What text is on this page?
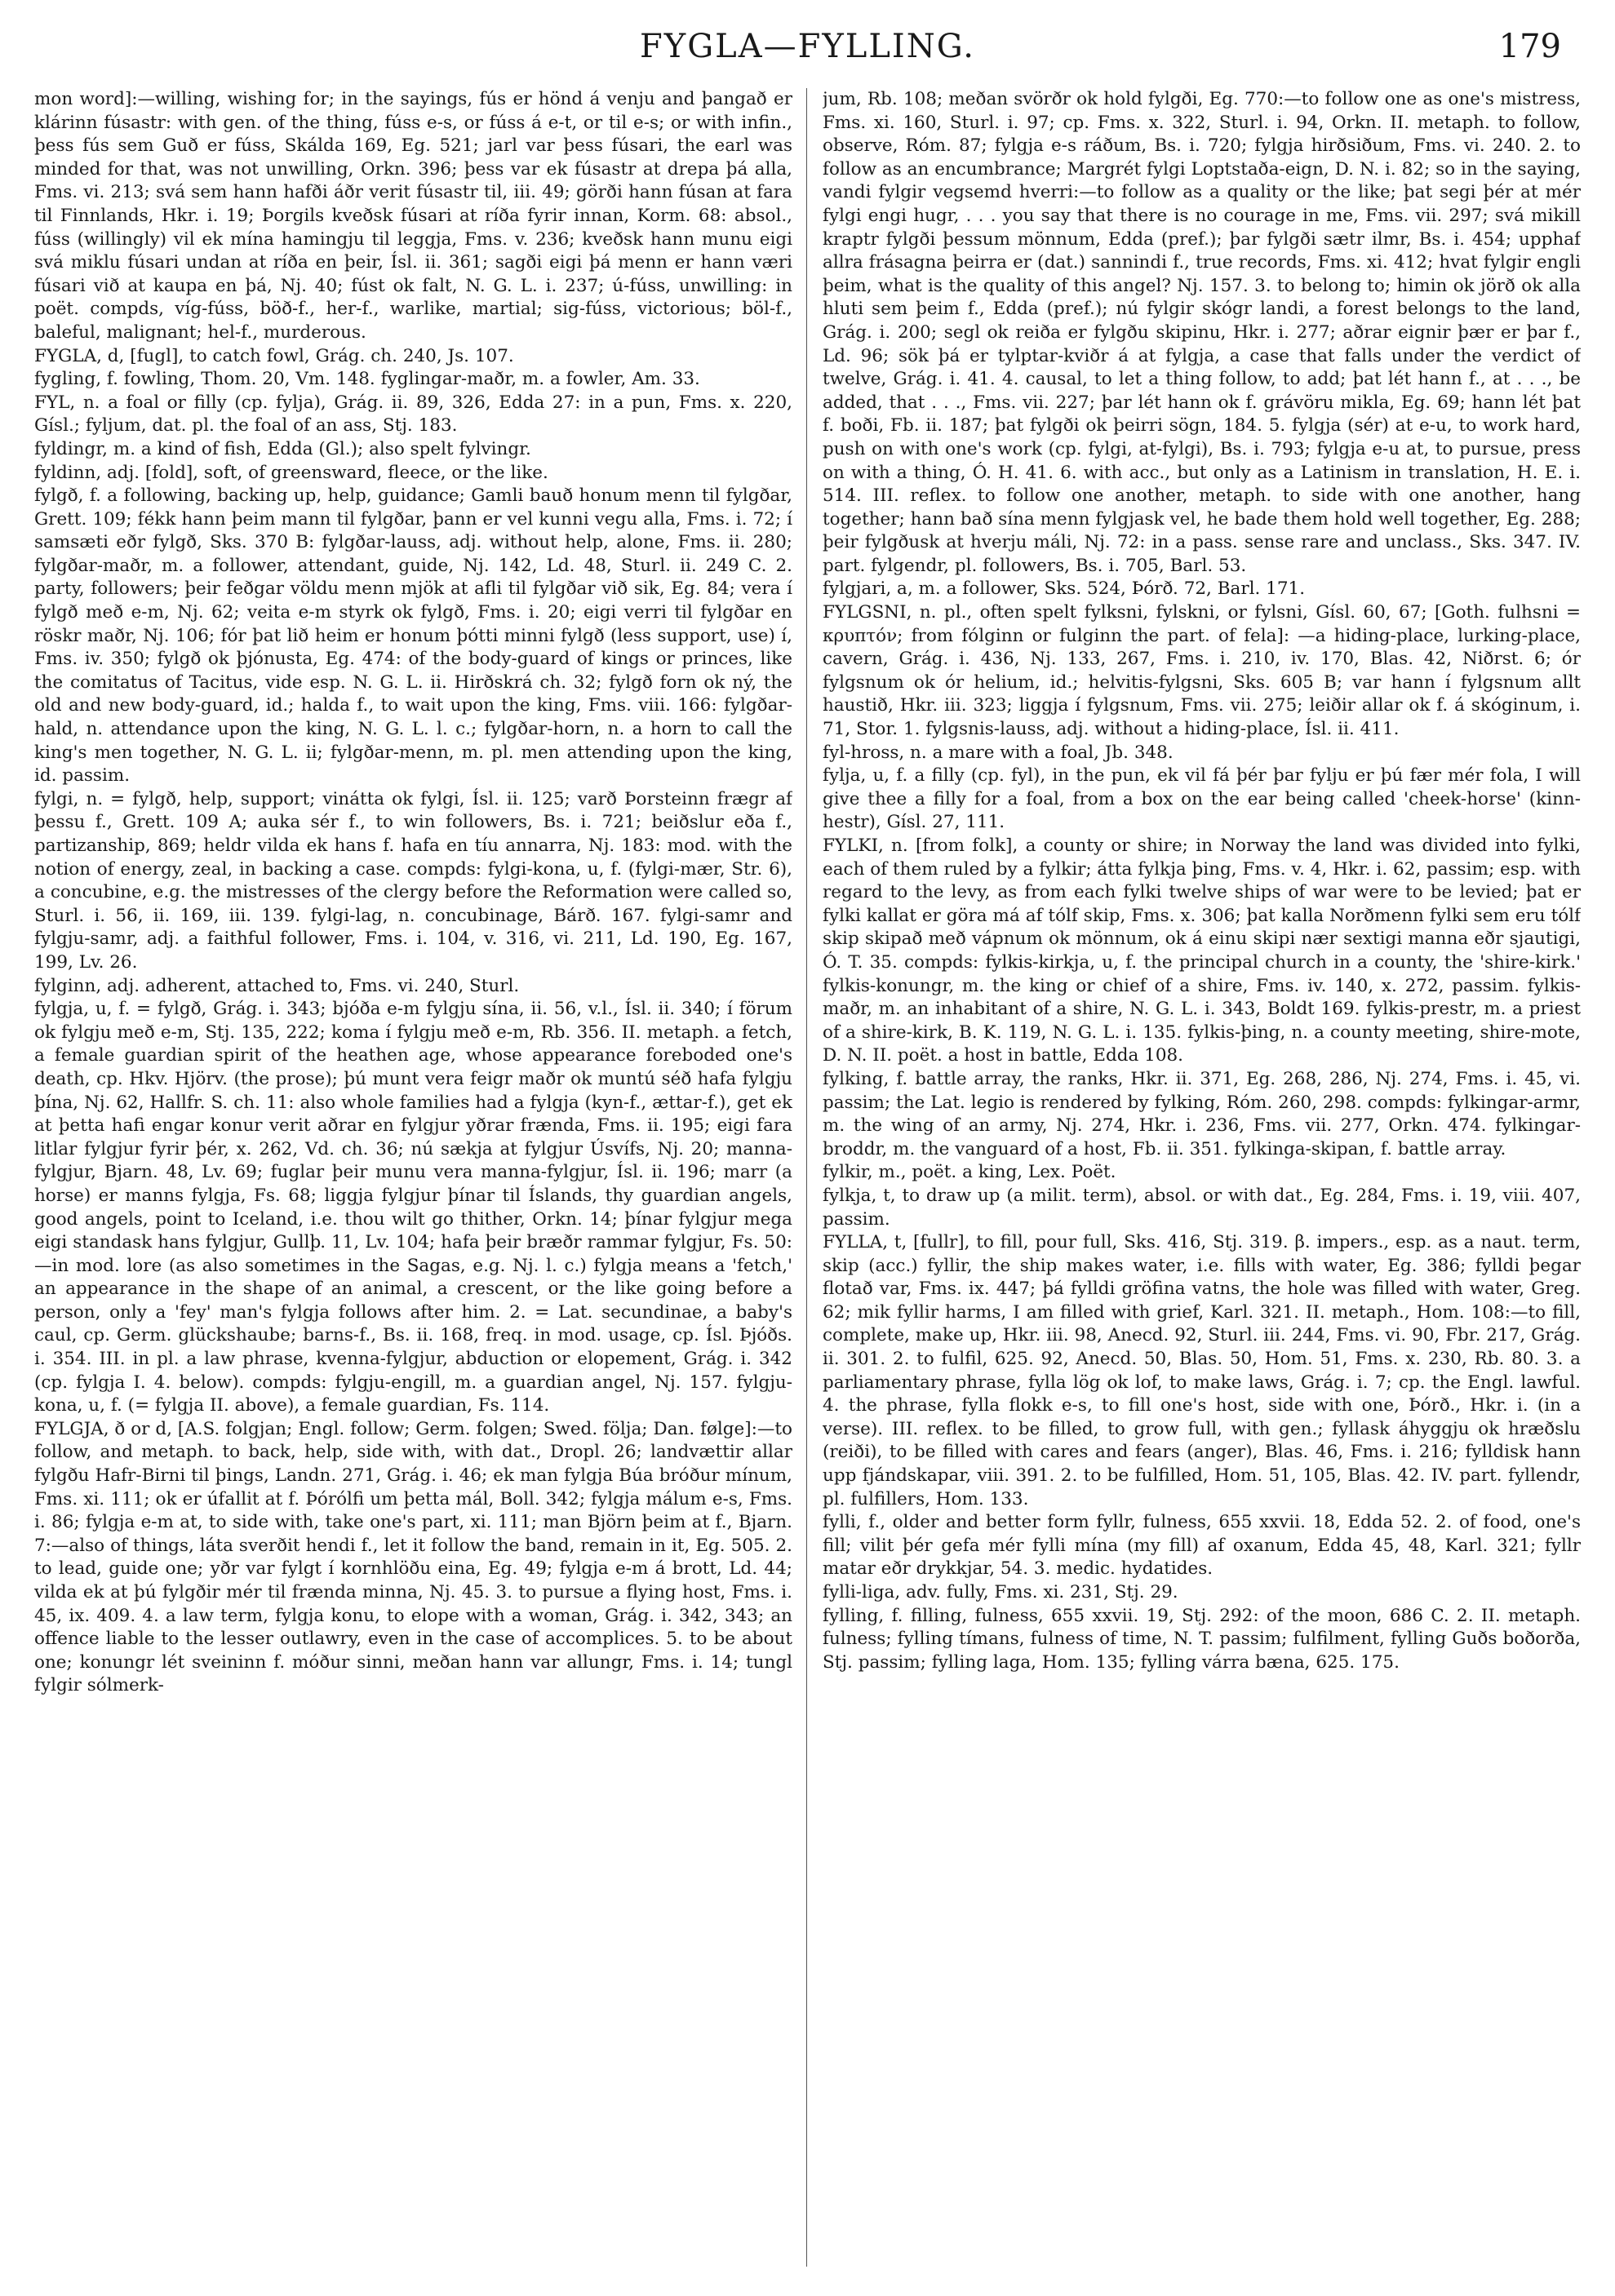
FYGLA—FYLLING.	179

mon word]:—willing, wishing for; in the sayings, fús er hönd á venju and þangað er klárinn fúsastr: with gen. of the thing, fúss e-s, or fúss á e-t, or til e-s; or with infin., þess fús sem Guð er fúss, Skálda 169, Eg. 521; jarl var þess fúsari, the earl was minded for that, was not unwilling, Orkn. 396; þess var ek fúsastr at drepa þá alla, Fms. vi. 213; svá sem hann hafði áðr verit fúsastr til, iii. 49; görði hann fúsan at fara til Finnlands, Hkr. i. 19; Þorgils kveðsk fúsari at ríða fyrir innan, Korm. 68: absol., fúss (willingly) vil ek mína hamingju til leggja, Fms. v. 236; kveðsk hann munu eigi svá miklu fúsari undan at ríða en þeir, Ísl. ii. 361; sagði eigi þá menn er hann væri fúsari við at kaupa en þá, Nj. 40; fúst ok falt, N. G. L. i. 237; ú-fúss, unwilling: in poët. compds, víg-fúss, böð-f., her-f., warlike, martial; sig-fúss, victorious; böl-f., baleful, malignant; hel-f., murderous.

FYGLA, d, [fugl], to catch fowl, Grág. ch. 240, Js. 107.

fygling, f. fowling, Thom. 20, Vm. 148. fyglingar-maðr, m. a fowler, Am. 33.

FYL, n. a foal or filly (cp. fylja), Grág. ii. 89, 326, Edda 27: in a pun, Fms. x. 220, Gísl.; fyljum, dat. pl. the foal of an ass, Stj. 183.

fyldingr, m. a kind of fish, Edda (Gl.); also spelt fylvingr.

fyldinn, adj. [fold], soft, of greensward, fleece, or the like.

fylgð, f. a following, backing up, help, guidance; Gamli bauð honum menn til fylgðar, Grett. 109; fékk hann þeim mann til fylgðar, þann er vel kunni vegu alla, Fms. i. 72; í samsæti eðr fylgð, Sks. 370 B: fylgðar-lauss, adj. without help, alone, Fms. ii. 280; fylgðar-maðr, m. a follower, attendant, guide, Nj. 142, Ld. 48, Sturl. ii. 249 C. 2. party, followers; þeir feðgar völdu menn mjök at afli til fylgðar við sik, Eg. 84; vera í fylgð með e-m, Nj. 62; veita e-m styrk ok fylgð, Fms. i. 20; eigi verri til fylgðar en röskr maðr, Nj. 106; fór þat lið heim er honum þótti minni fylgð (less support, use) í, Fms. iv. 350; fylgð ok þjónusta, Eg. 474: of the body-guard of kings or princes, like the comitatus of Tacitus, vide esp. N. G. L. ii. Hirðskrá ch. 32; fylgð forn ok ný, the old and new body-guard, id.; halda f., to wait upon the king, Fms. viii. 166: fylgðar-hald, n. attendance upon the king, N. G. L. l. c.; fylgðar-horn, n. a horn to call the king's men together, N. G. L. ii; fylgðar-menn, m. pl. men attending upon the king, id. passim.

fylgi, n. = fylgð, help, support; vinátta ok fylgi, Ísl. ii. 125; varð Þorsteinn frægr af þessu f., Grett. 109 A; auka sér f., to win followers, Bs. i. 721; beiðslur eða f., partizanship, 869; heldr vilda ek hans f. hafa en tíu annarra, Nj. 183: mod. with the notion of energy, zeal, in backing a case. compds: fylgi-kona, u, f. (fylgi-mær, Str. 6), a concubine, e.g. the mistresses of the clergy before the Reformation were called so, Sturl. i. 56, ii. 169, iii. 139. fylgi-lag, n. concubinage, Bárð. 167. fylgi-samr and fylgju-samr, adj. a faithful follower, Fms. i. 104, v. 316, vi. 211, Ld. 190, Eg. 167, 199, Lv. 26.

fylginn, adj. adherent, attached to, Fms. vi. 240, Sturl.

fylgja, u, f. = fylgð, Grág. i. 343; bjóða e-m fylgju sína, ii. 56, v.l., Ísl. ii. 340; í förum ok fylgju með e-m, Stj. 135, 222; koma í fylgju með e-m, Rb. 356. II. metaph. a fetch, a female guardian spirit of the heathen age, whose appearance foreboded one's death, cp. Hkv. Hjörv. (the prose); þú munt vera feigr maðr ok muntú séð hafa fylgju þína, Nj. 62, Hallfr. S. ch. 11: also whole families had a fylgja (kyn-f., ættar-f.), get ek at þetta hafi engar konur verit aðrar en fylgjur yðrar frænda, Fms. ii. 195; eigi fara litlar fylgjur fyrir þér, x. 262, Vd. ch. 36; nú sækja at fylgjur Úsvífs, Nj. 20; manna-fylgjur, Bjarn. 48, Lv. 69; fuglar þeir munu vera manna-fylgjur, Ísl. ii. 196; marr (a horse) er manns fylgja, Fs. 68; liggja fylgjur þínar til Íslands, thy guardian angels, good angels, point to Iceland, i.e. thou wilt go thither, Orkn. 14; þínar fylgjur mega eigi standask hans fylgjur, Gullþ. 11, Lv. 104; hafa þeir bræðr rammar fylgjur, Fs. 50:—in mod. lore (as also sometimes in the Sagas, e.g. Nj. l. c.) fylgja means a 'fetch,' an appearance in the shape of an animal, a crescent, or the like going before a person, only a 'fey' man's fylgja follows after him. 2. = Lat. secundinae, a baby's caul, cp. Germ. glückshaube; barns-f., Bs. ii. 168, freq. in mod. usage, cp. Ísl. Þjóðs. i. 354. III. in pl. a law phrase, kvenna-fylgjur, abduction or elopement, Grág. i. 342 (cp. fylgja I. 4. below). compds: fylgju-engill, m. a guardian angel, Nj. 157. fylgju-kona, u, f. (= fylgja II. above), a female guardian, Fs. 114.

FYLGJA, ð or d, [A.S. folgjan; Engl. follow; Germ. folgen; Swed. följa; Dan. følge]:—to follow, and metaph. to back, help, side with, with dat., Dropl. 26; landvættir allar fylgðu Hafr-Birni til þings, Landn. 271, Grág. i. 46; ek man fylgja Búa bróður mínum, Fms. xi. 111; ok er úfallit at f. Þórólfi um þetta mál, Boll. 342; fylgja málum e-s, Fms. i. 86; fylgja e-m at, to side with, take one's part, xi. 111; man Björn þeim at f., Bjarn. 7:—also of things, láta sverðit hendi f., let it follow the band, remain in it, Eg. 505. 2. to lead, guide one; yðr var fylgt í kornhlöðu eina, Eg. 49; fylgja e-m á brott, Ld. 44; vilda ek at þú fylgðir mér til frænda minna, Nj. 45. 3. to pursue a flying host, Fms. i. 45, ix. 409. 4. a law term, fylgja konu, to elope with a woman, Grág. i. 342, 343; an offence liable to the lesser outlawry, even in the case of accomplices. 5. to be about one; konungr lét sveininn f. móður sinni, meðan hann var allungr, Fms. i. 14; tungl fylgir sólmerk-

jum, Rb. 108; meðan svörðr ok hold fylgði, Eg. 770:—to follow one as one's mistress, Fms. xi. 160, Sturl. i. 97; cp. Fms. x. 322, Sturl. i. 94, Orkn. II. metaph. to follow, observe, Róm. 87; fylgja e-s ráðum, Bs. i. 720; fylgja hirðsiðum, Fms. vi. 240. 2. to follow as an encumbrance; Margrét fylgi Loptstaða-eign, D. N. i. 82; so in the saying, vandi fylgir vegsemd hverri:—to follow as a quality or the like; þat segi þér at mér fylgi engi hugr, . . . you say that there is no courage in me, Fms. vii. 297; svá mikill kraptr fylgði þessum mönnum, Edda (pref.); þar fylgði sætr ilmr, Bs. i. 454; upphaf allra frásagna þeirra er (dat.) sannindi f., true records, Fms. xi. 412; hvat fylgir engli þeim, what is the quality of this angel? Nj. 157. 3. to belong to; himin ok jörð ok alla hluti sem þeim f., Edda (pref.); nú fylgir skógr landi, a forest belongs to the land, Grág. i. 200; segl ok reiða er fylgðu skipinu, Hkr. i. 277; aðrar eignir þær er þar f., Ld. 96; sök þá er tylptar-kviðr á at fylgja, a case that falls under the verdict of twelve, Grág. i. 41. 4. causal, to let a thing follow, to add; þat lét hann f., at . . ., be added, that . . ., Fms. vii. 227; þar lét hann ok f. grávöru mikla, Eg. 69; hann lét þat f. boði, Fb. ii. 187; þat fylgði ok þeirri sögn, 184. 5. fylgja (sér) at e-u, to work hard, push on with one's work (cp. fylgi, at-fylgi), Bs. i. 793; fylgja e-u at, to pursue, press on with a thing, Ó. H. 41. 6. with acc., but only as a Latinism in translation, H. E. i. 514. III. reflex. to follow one another, metaph. to side with one another, hang together; hann bað sína menn fylgjask vel, he bade them hold well together, Eg. 288; þeir fylgðusk at hverju máli, Nj. 72: in a pass. sense rare and unclass., Sks. 347. IV. part. fylgendr, pl. followers, Bs. i. 705, Barl. 53.

fylgjari, a, m. a follower, Sks. 524, Þórð. 72, Barl. 171.

FYLGSNI, n. pl., often spelt fylksni, fylskni, or fylsni, Gísl. 60, 67; [Goth. fulhsni = κρυπτόν; from fólginn or fulginn the part. of fela]: —a hiding-place, lurking-place, cavern, Grág. i. 436, Nj. 133, 267, Fms. i. 210, iv. 170, Blas. 42, Niðrst. 6; ór fylgsnum ok ór helium, id.; helvitis-fylgsni, Sks. 605 B; var hann í fylgsnum allt haustið, Hkr. iii. 323; liggja í fylgsnum, Fms. vii. 275; leiðir allar ok f. á skóginum, i. 71, Stor. 1. fylgsnis-lauss, adj. without a hiding-place, Ísl. ii. 411.

fyl-hross, n. a mare with a foal, Jb. 348.

fylja, u, f. a filly (cp. fyl), in the pun, ek vil fá þér þar fylju er þú fær mér fola, I will give thee a filly for a foal, from a box on the ear being called 'cheek-horse' (kinn-hestr), Gísl. 27, 111.

FYLKI, n. [from folk], a county or shire; in Norway the land was divided into fylki, each of them ruled by a fylkir; átta fylkja þing, Fms. v. 4, Hkr. i. 62, passim; esp. with regard to the levy, as from each fylki twelve ships of war were to be levied; þat er fylki kallat er göra má af tólf skip, Fms. x. 306; þat kalla Norðmenn fylki sem eru tólf skip skipað með vápnum ok mönnum, ok á einu skipi nær sextigi manna eðr sjautigi, Ó. T. 35. compds: fylkis-kirkja, u, f. the principal church in a county, the 'shire-kirk.' fylkis-konungr, m. the king or chief of a shire, Fms. iv. 140, x. 272, passim. fylkis-maðr, m. an inhabitant of a shire, N. G. L. i. 343, Boldt 169. fylkis-prestr, m. a priest of a shire-kirk, B. K. 119, N. G. L. i. 135. fylkis-þing, n. a county meeting, shire-mote, D. N. II. poët. a host in battle, Edda 108.

fylking, f. battle array, the ranks, Hkr. ii. 371, Eg. 268, 286, Nj. 274, Fms. i. 45, vi. passim; the Lat. legio is rendered by fylking, Róm. 260, 298. compds: fylkingar-armr, m. the wing of an army, Nj. 274, Hkr. i. 236, Fms. vii. 277, Orkn. 474. fylkingar-broddr, m. the vanguard of a host, Fb. ii. 351. fylkinga-skipan, f. battle array.

fylkir, m., poët. a king, Lex. Poët.

fylkja, t, to draw up (a milit. term), absol. or with dat., Eg. 284, Fms. i. 19, viii. 407, passim.

FYLLA, t, [fullr], to fill, pour full, Sks. 416, Stj. 319. β. impers., esp. as a naut. term, skip (acc.) fyllir, the ship makes water, i.e. fills with water, Eg. 386; fylldi þegar flotað var, Fms. ix. 447; þá fylldi gröfina vatns, the hole was filled with water, Greg. 62; mik fyllir harms, I am filled with grief, Karl. 321. II. metaph., Hom. 108:—to fill, complete, make up, Hkr. iii. 98, Anecd. 92, Sturl. iii. 244, Fms. vi. 90, Fbr. 217, Grág. ii. 301. 2. to fulfil, 625. 92, Anecd. 50, Blas. 50, Hom. 51, Fms. x. 230, Rb. 80. 3. a parliamentary phrase, fylla lög ok lof, to make laws, Grág. i. 7; cp. the Engl. lawful. 4. the phrase, fylla flokk e-s, to fill one's host, side with one, Þórð., Hkr. i. (in a verse). III. reflex. to be filled, to grow full, with gen.; fyllask áhyggju ok hræðslu (reiði), to be filled with cares and fears (anger), Blas. 46, Fms. i. 216; fylldisk hann upp fjándskapar, viii. 391. 2. to be fulfilled, Hom. 51, 105, Blas. 42. IV. part. fyllendr, pl. fulfillers, Hom. 133.

fylli, f., older and better form fyllr, fulness, 655 xxvii. 18, Edda 52. 2. of food, one's fill; vilit þér gefa mér fylli mína (my fill) af oxanum, Edda 45, 48, Karl. 321; fyllr matar eðr drykkjar, 54. 3. medic. hydatides.

fylli-liga, adv. fully, Fms. xi. 231, Stj. 29.

fylling, f. filling, fulness, 655 xxvii. 19, Stj. 292: of the moon, 686 C. 2. II. metaph. fulness; fylling tímans, fulness of time, N. T. passim; fulfilment, fylling Guðs boðorða, Stj. passim; fylling laga, Hom. 135; fylling várra bæna, 625. 175.
